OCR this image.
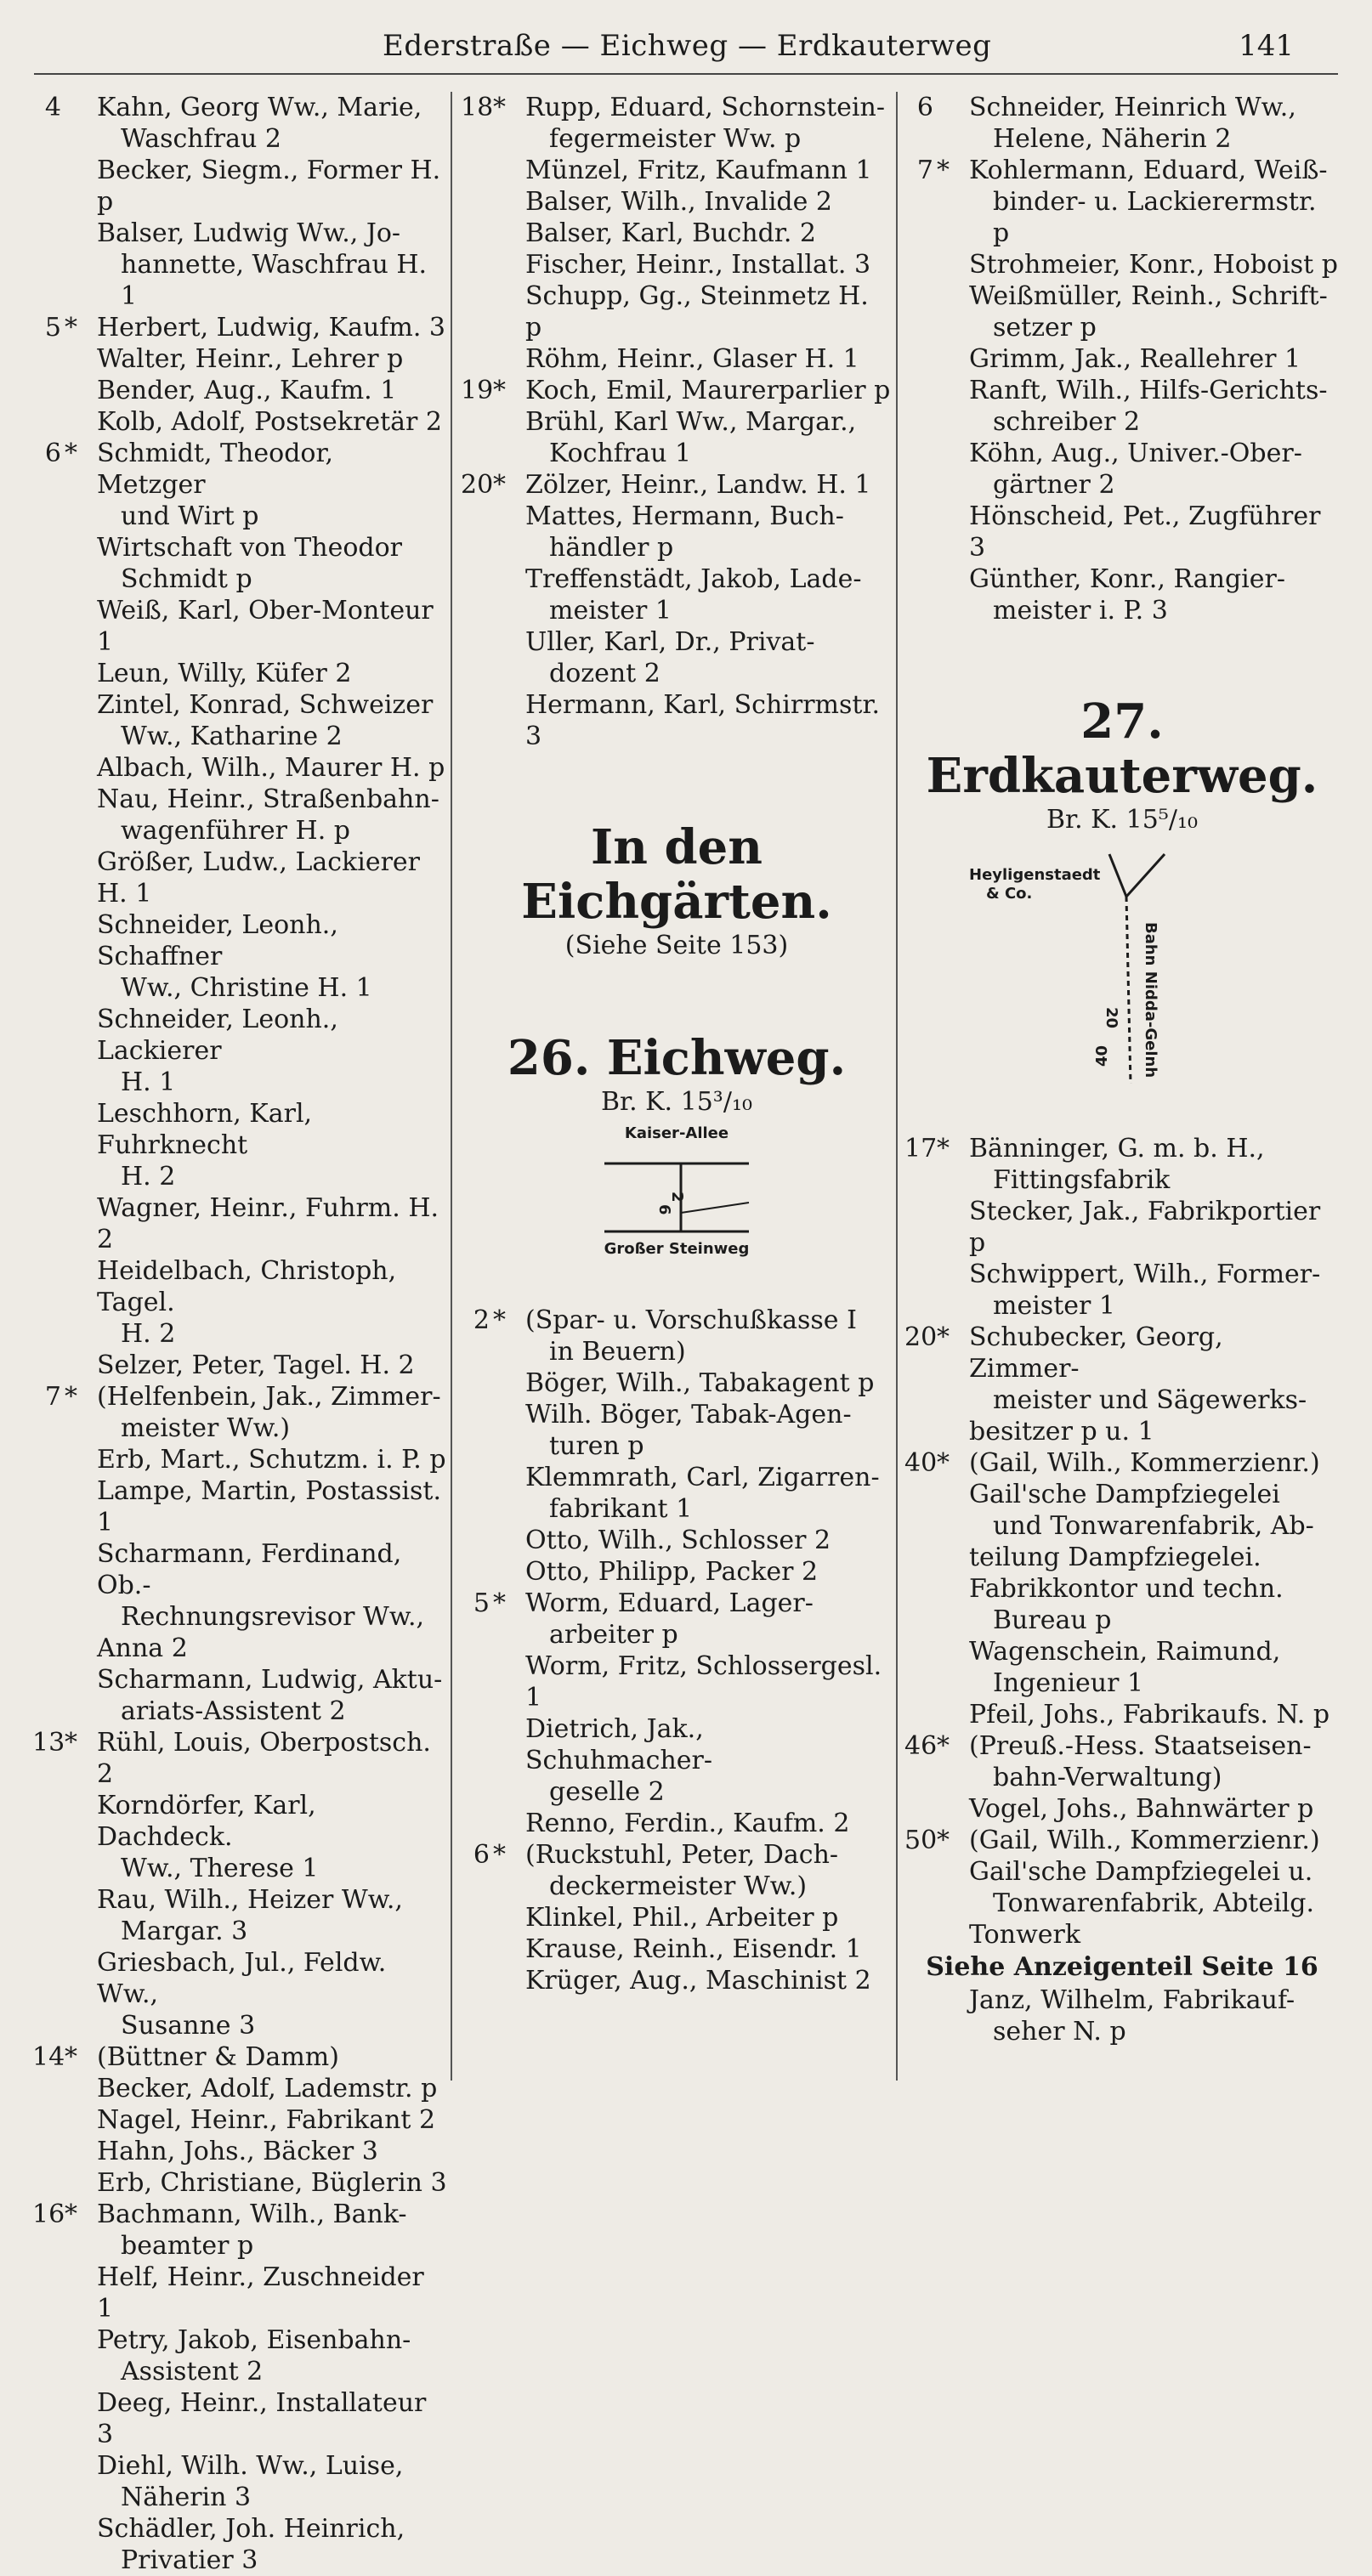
Ederstraße — Eichweg — Erdkauterweg	141
4 Kahn, Georg Ww., Marie,
Waschfrau 2
Becker, Siegm., Former H. p
Balser, Ludwig Ww., Jo-
hannette, Waschfrau H. 1
5 * Herbert, Ludwig, Kaufm. 3
Walter, Heinr., Lehrer p
Bender, Aug., Kaufm. 1
Kolb, Adolf, Postsekretär 2
6 * Schmidt, Theodor, Metzger
und Wirt p
Wirtschaft von Theodor
Schmidt p
Weiß, Karl, Ober-Monteur 1
Leun, Willy, Küfer 2
Zintel, Konrad, Schweizer
Ww., Katharine 2
Albach, Wilh., Maurer H. p
Nau, Heinr., Straßenbahn-
wagenführer H. p
Größer, Ludw., Lackierer H. 1
Schneider, Leonh., Schaffner
Ww., Christine H. 1
Schneider, Leonh., Lackierer
H. 1
Leschhorn, Karl, Fuhrknecht
H. 2
Wagner, Heinr., Fuhrm. H. 2
Heidelbach, Christoph, Tagel.
H. 2
Selzer, Peter, Tagel. H. 2
7 * (Helfenbein, Jak., Zimmer-
meister Ww.)
Erb, Mart., Schutzm. i. P. p
Lampe, Martin, Postassist. 1
Scharmann, Ferdinand, Ob.-
Rechnungsrevisor Ww.,
Anna 2
Scharmann, Ludwig, Aktu-
ariats-Assistent 2
13 * Rühl, Louis, Oberpostsch. 2
Korndörfer, Karl, Dachdeck.
Ww., Therese 1
Rau, Wilh., Heizer Ww.,
Margar. 3
Griesbach, Jul., Feldw. Ww.,
Susanne 3
14 * (Büttner & Damm)
Becker, Adolf, Lademstr. p
Nagel, Heinr., Fabrikant 2
Hahn, Johs., Bäcker 3
Erb, Christiane, Büglerin 3
16 * Bachmann, Wilh., Bank-
beamter p
Helf, Heinr., Zuschneider 1
Petry, Jakob, Eisenbahn-
Assistent 2
Deeg, Heinr., Installateur 3
Diehl, Wilh. Ww., Luise,
Näherin 3
Schädler, Joh. Heinrich,
Privatier 3
18 * Rupp, Eduard, Schornstein-
fegermeister Ww. p
Münzel, Fritz, Kaufmann 1
Balser, Wilh., Invalide 2
Balser, Karl, Buchdr. 2
Fischer, Heinr., Installat. 3
Schupp, Gg., Steinmetz H. p
Röhm, Heinr., Glaser H. 1
19 * Koch, Emil, Maurerparlier p
Brühl, Karl Ww., Margar.,
Kochfrau 1
20 * Zölzer, Heinr., Landw. H. 1
Mattes, Hermann, Buch-
händler p
Treffenstädt, Jakob, Lade-
meister 1
Uller, Karl, Dr., Privat-
dozent 2
Hermann, Karl, Schirrmstr. 3
In den Eichgärten.
(Siehe Seite 153)
26. Eichweg.
Br. K. 15³/₁₀
Kaiser-Allee
2
6
Großer Steinweg
2 * (Spar- u. Vorschußkasse I
in Beuern)
Böger, Wilh., Tabakagent p
Wilh. Böger, Tabak-Agen-
turen p
Klemmrath, Carl, Zigarren-
fabrikant 1
Otto, Wilh., Schlosser 2
Otto, Philipp, Packer 2
5 * Worm, Eduard, Lager-
arbeiter p
Worm, Fritz, Schlossergesl. 1
Dietrich, Jak., Schuhmacher-
geselle 2
Renno, Ferdin., Kaufm. 2
6 * (Ruckstuhl, Peter, Dach-
deckermeister Ww.)
Klinkel, Phil., Arbeiter p
Krause, Reinh., Eisendr. 1
Krüger, Aug., Maschinist 2
6 Schneider, Heinrich Ww.,
Helene, Näherin 2
7 * Kohlermann, Eduard, Weiß-
binder- u. Lackierermstr. p
Strohmeier, Konr., Hoboist p
Weißmüller, Reinh., Schrift-
setzer p
Grimm, Jak., Reallehrer 1
Ranft, Wilh., Hilfs-Gerichts-
schreiber 2
Köhn, Aug., Univer.-Ober-
gärtner 2
Hönscheid, Pet., Zugführer 3
Günther, Konr., Rangier-
meister i. P. 3
27. Erdkauterweg.
Br. K. 15⁵/₁₀
Heyligenstaedt
& Co.
Bahn Nidda-Gelnh
20
40
17 * Bänninger, G. m. b. H.,
Fittingsfabrik
Stecker, Jak., Fabrikportier p
Schwippert, Wilh., Former-
meister 1
20 * Schubecker, Georg, Zimmer-
meister und Sägewerks-
besitzer p u. 1
40 * (Gail, Wilh., Kommerzienr.)
Gail'sche Dampfziegelei
und Tonwarenfabrik, Ab-
teilung Dampfziegelei.
Fabrikkontor und techn.
Bureau p
Wagenschein, Raimund,
Ingenieur 1
Pfeil, Johs., Fabrikaufs. N. p
46 * (Preuß.-Hess. Staatseisen-
bahn-Verwaltung)
Vogel, Johs., Bahnwärter p
50 * (Gail, Wilh., Kommerzienr.)
Gail'sche Dampfziegelei u.
Tonwarenfabrik, Abteilg.
Tonwerk
Siehe Anzeigenteil Seite 16
Janz, Wilhelm, Fabrikauf-
seher N. p
